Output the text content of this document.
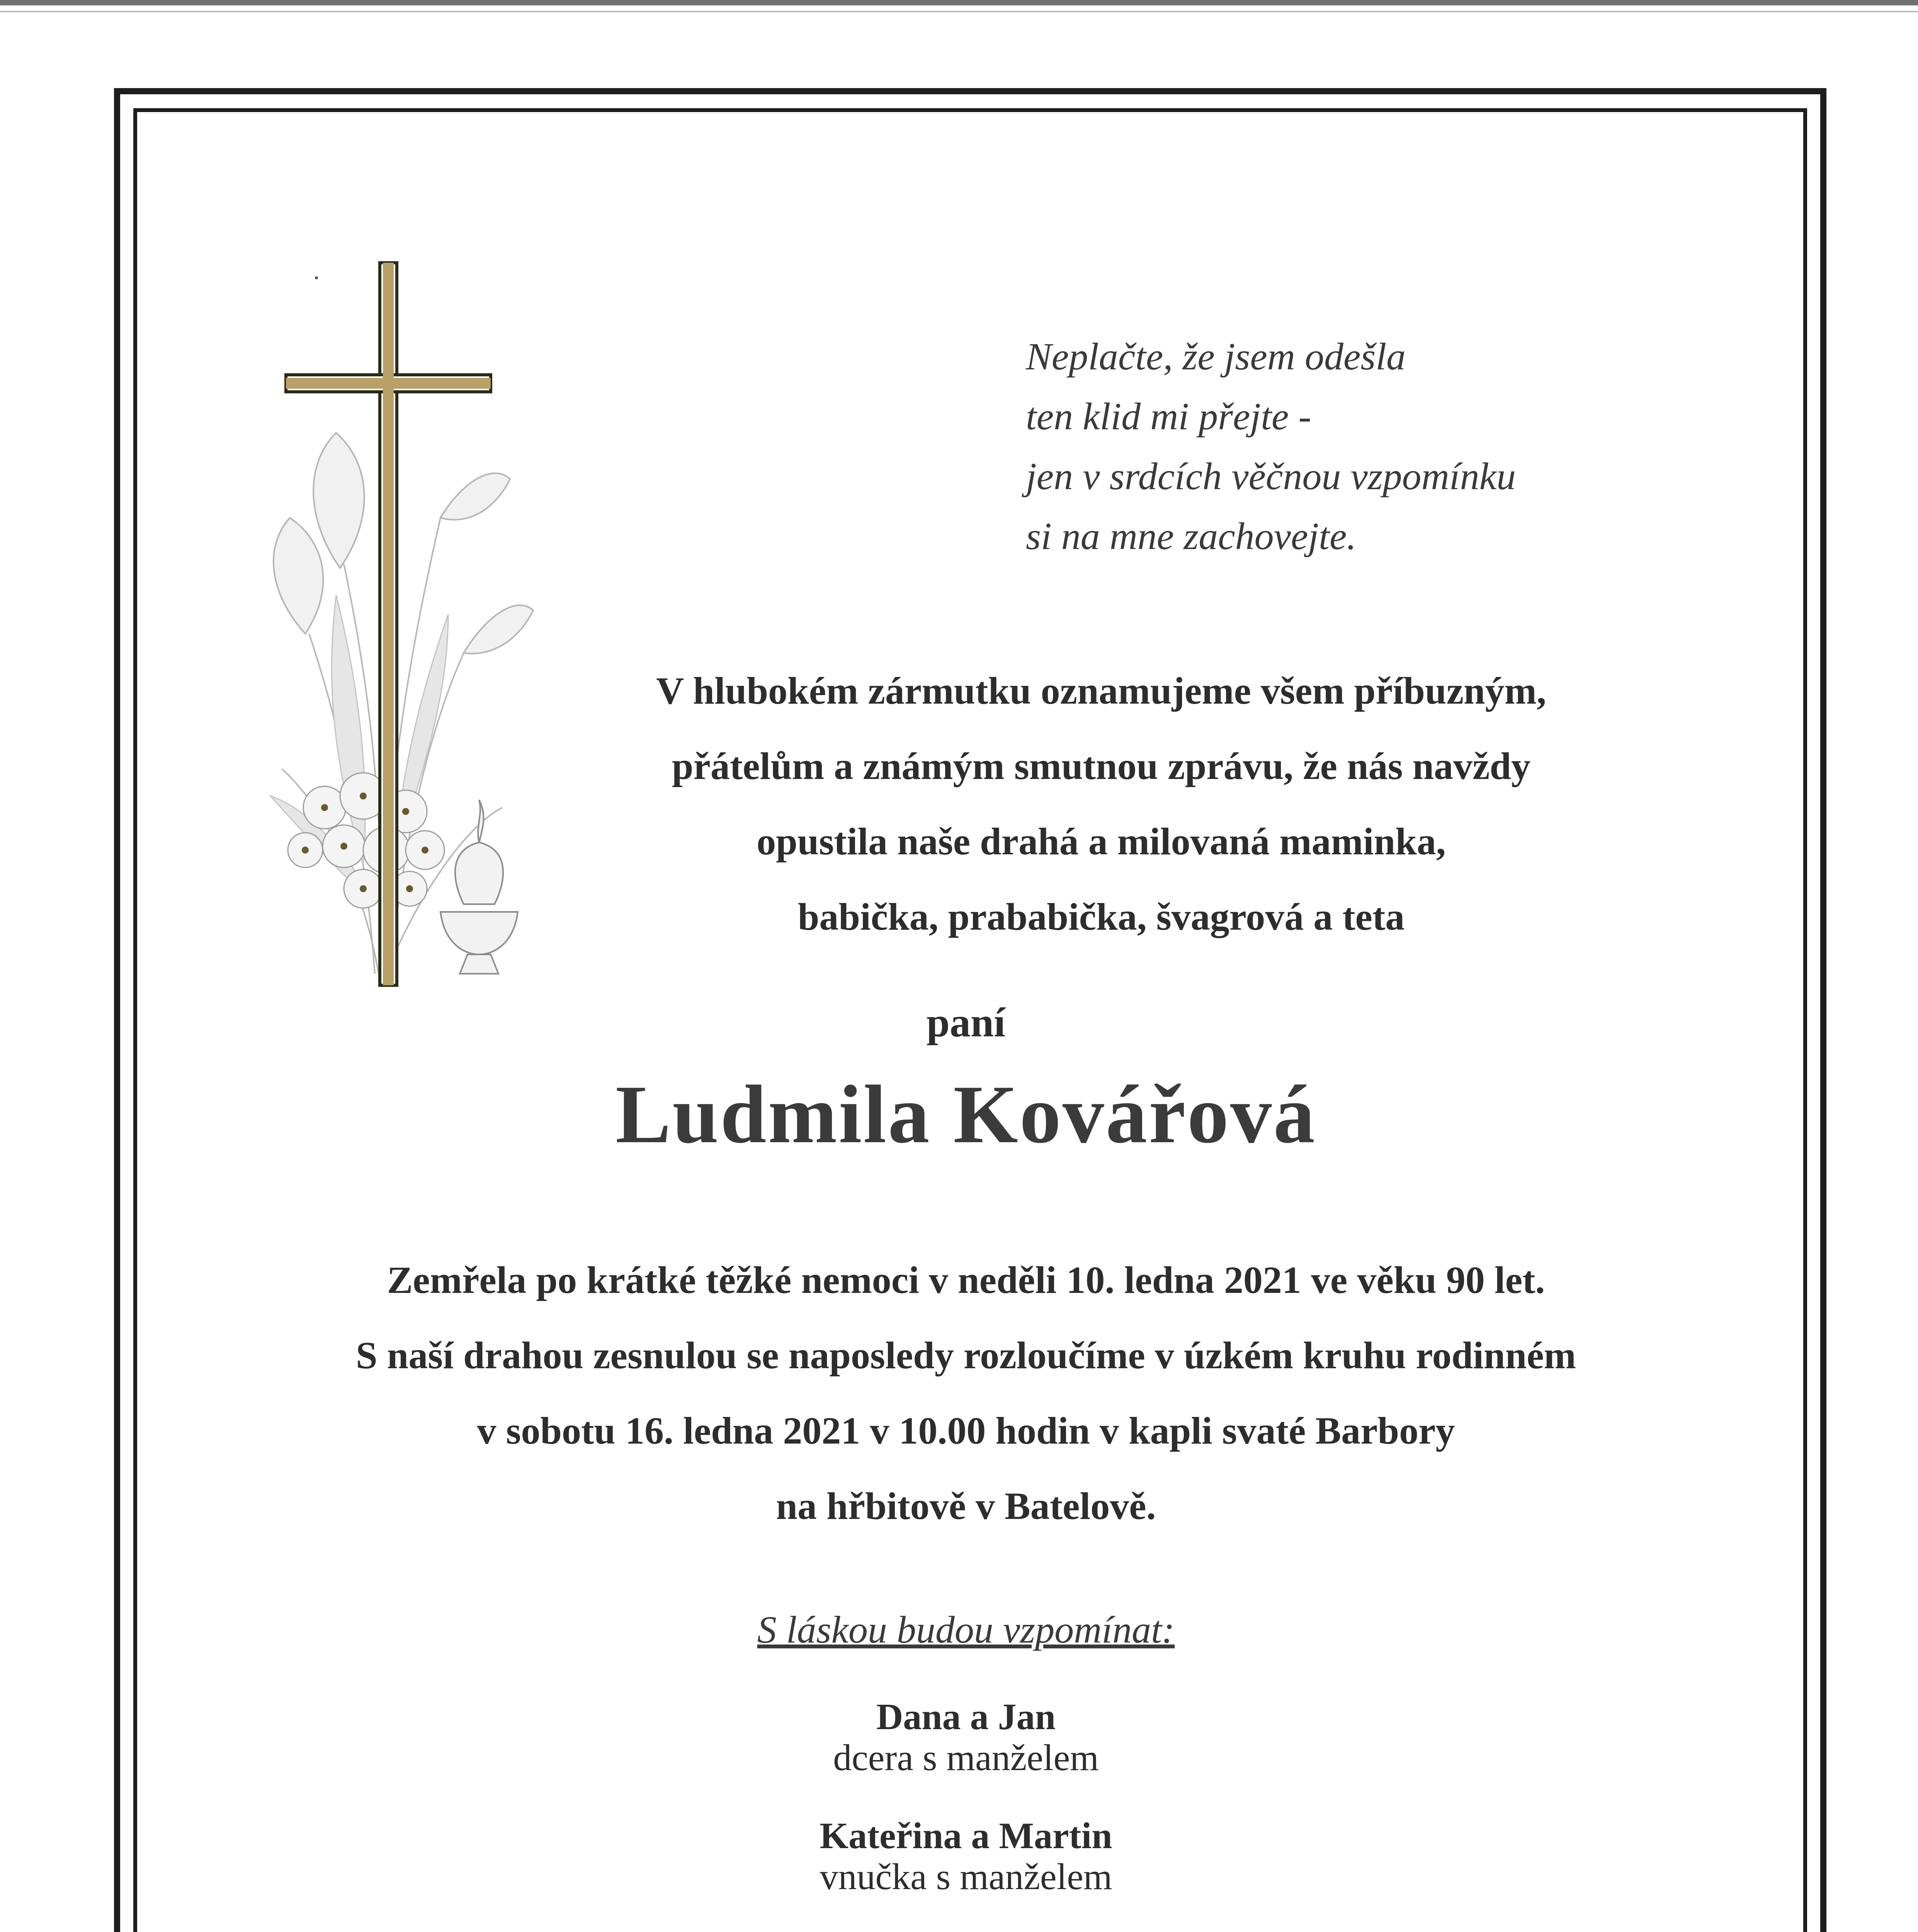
Neplačte, že jsem odešla
ten klid mi přejte -
jen v srdcích věčnou vzpomínku
si na mne zachovejte.
V hlubokém zármutku oznamujeme všem příbuzným,
přátelům a známým smutnou zprávu, že nás navždy
opustila naše drahá a milovaná maminka,
babička, prababička, švagrová a teta
paní
Ludmila Kovářová
Zemřela po krátké těžké nemoci v neděli 10. ledna 2021 ve věku 90 let.
S naší drahou zesnulou se naposledy rozloučíme v úzkém kruhu rodinném
v sobotu 16. ledna 2021 v 10.00 hodin v kapli svaté Barbory
na hřbitově v Batelově.
S láskou budou vzpomínat:
Dana a Jan
dcera s manželem
Kateřina a Martin
vnučka s manželem
